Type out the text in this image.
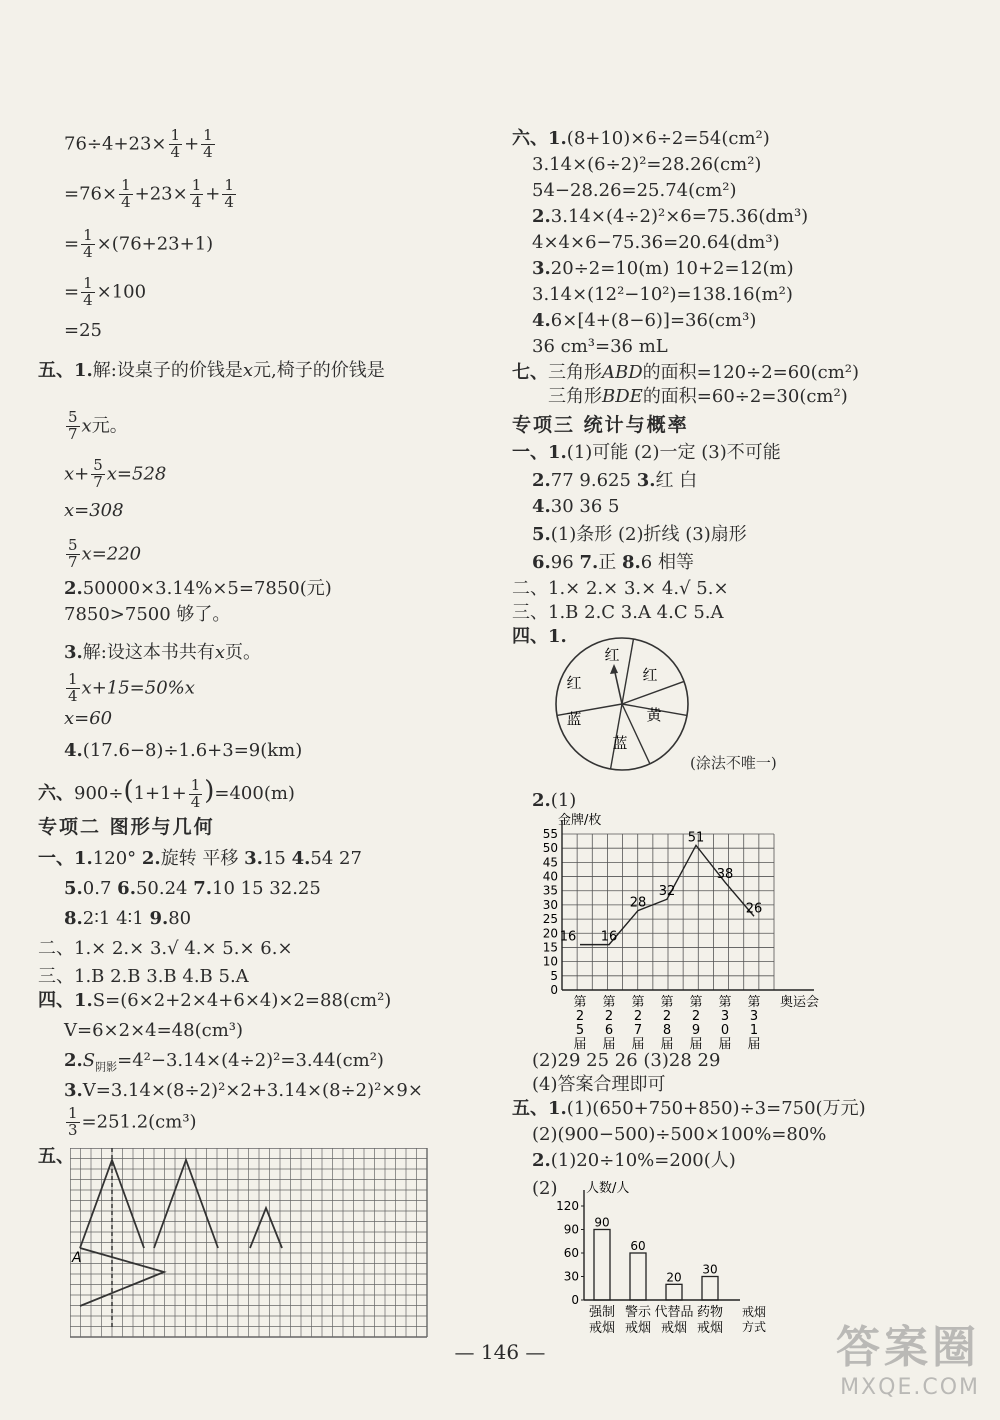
$76\div 4+23\times \frac{1}{4} + \frac{1}{4}$
$=76\times \frac{1}{4} +23\times \frac{1}{4} + \frac{1}{4}$
= $\frac{1}{4} \times(76+23+1)$
= $\frac{1}{4} \times 100$
=25
五、1.解:设桌子的价钱是x元,椅子的价钱是
$\frac{5}{7}$ x元。
$x+ \frac{5}{7} x=528$
x=308
$\frac{5}{7} x=220$
2.50000×3.14%×5=7850(元)
7850>7500 够了。
3.解:设这本书共有x页。
$\frac{1}{4} x+15=50\%x$
x=60
4.(17.6−8)÷1.6+3=9(km)
六、$900\div(1+1+ \frac{1}{4} )=400(m)$
专项二 图形与几何
一、1.120° 2.旋转 平移 3.15 4.54 27
5.0.7 6.50.24 7.10 15 32.25
8.2∶1 4∶1 9.80
二、1.× 2.× 3.√ 4.× 5.× 6.×
三、1.B 2.B 3.B 4.B 5.A
四、1.S=(6×2+2×4+6×4)×2=88(cm²)
V=6×2×4=48(cm³)
$2.S_{阴影}=4^2-3.14\times(4\div 2)^2=3.44(cm^2)$
3.V=3.14×(8÷2)²×2+3.14×(8÷2)²×9×
$\frac{1}{3} =251.2(cm^3)$
五、
A
六、1.(8+10)×6÷2=54(cm²)
3.14×(6÷2)²=28.26(cm²)
54−28.26=25.74(cm²)
2.3.14×(4÷2)²×6=75.36(dm³)
4×4×6−75.36=20.64(dm³)
3.20÷2=10(m) 10+2=12(m)
3.14×(12²−10²)=138.16(m²)
4.6×[4+(8−6)]=36(cm³)
36 cm³=36 mL
七、三角形ABD的面积=120÷2=60(cm²)
三角形BDE的面积=60÷2=30(cm²)
专项三 统计与概率
一、1.(1)可能 (2)一定 (3)不可能
2.77 9.625 3.红 白
4.30 36 5
5.(1)条形 (2)折线 (3)扇形
6.96 7.正 8.6 相等
二、1.× 2.× 3.× 4.√ 5.×
三、1.B 2.C 3.A 4.C 5.A
四、1.
红
红
黄
蓝
蓝
红
(涂法不唯一)
2.(1)
0
5
10
15
20
25
30
35
40
45
50
55
第 2 5 届
第 2 6 届
第 2 7 届
第 2 8 届
第 2 9 届
第 3 0 届
第 3 1 届
16 16
28
32
51
38
26
金牌/枚
奥运会
(2)29 25 26 (3)28 29
(4)答案合理即可
五、1.(1)(650+750+850)÷3=750(万元)
(2)(900−500)÷500×100%=80%
2.(1)20÷10%=200(人)
(2)
0
30
60
90
120
90
60
20
30
强制戒烟
警示戒烟
代替品戒烟
药物戒烟
人数/人
戒烟方式
— 146 —	答案圈
MXQE.COM
